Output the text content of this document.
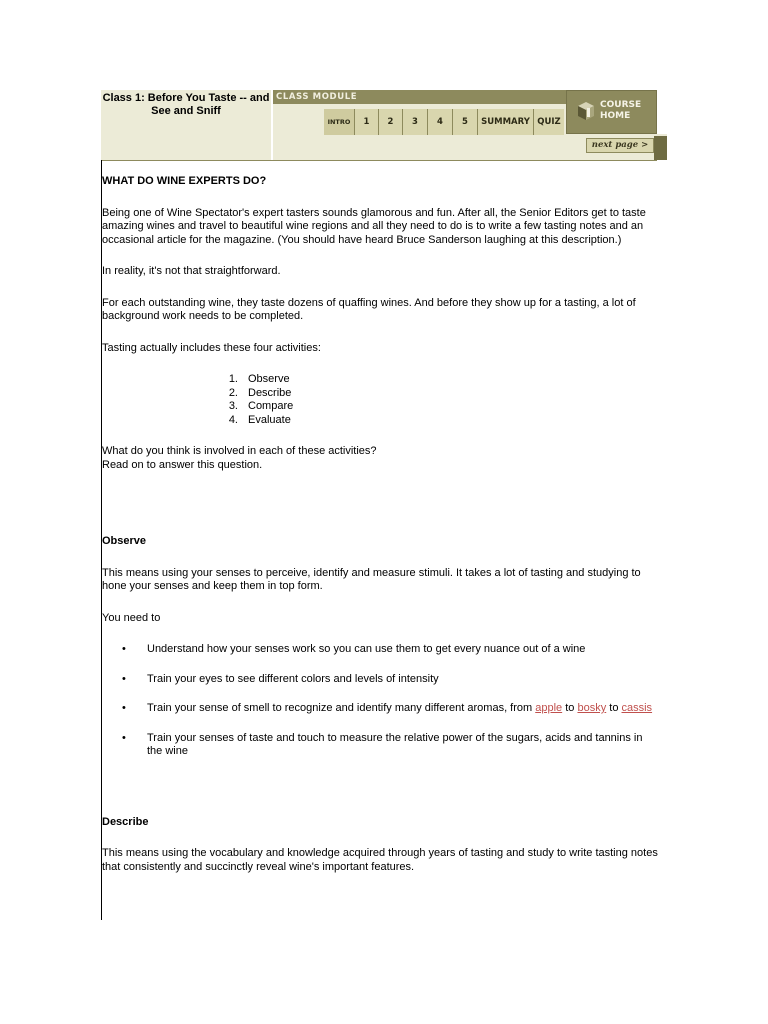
Class 1: Before You Taste -- and See and Sniff
CLASS MODULE
INTRO	1	2	3	4	5	SUMMARY QUIZ
COURSE
HOME
next page >
WHAT DO WINE EXPERTS DO?

Being one of Wine Spectator's expert tasters sounds glamorous and fun. After all, the Senior Editors get to taste amazing wines and travel to beautiful wine regions and all they need to do is to write a few tasting notes and an occasional article for the magazine. (You should have heard Bruce Sanderson laughing at this description.)

In reality, it's not that straightforward.

For each outstanding wine, they taste dozens of quaffing wines. And before they show up for a tasting, a lot of background work needs to be completed.

Tasting actually includes these four activities:

1. Observe
2. Describe
3. Compare
4. Evaluate

What do you think is involved in each of these activities?
Read on to answer this question.

Observe

This means using your senses to perceive, identify and measure stimuli. It takes a lot of tasting and studying to hone your senses and keep them in top form.

You need to

•	Understand how your senses work so you can use them to get every nuance out of a wine
•	Train your eyes to see different colors and levels of intensity
•	Train your sense of smell to recognize and identify many different aromas, from apple to bosky to cassis
•	Train your senses of taste and touch to measure the relative power of the sugars, acids and tannins in the wine
Describe

This means using the vocabulary and knowledge acquired through years of tasting and study to write tasting notes that consistently and succinctly reveal wine's important features.
